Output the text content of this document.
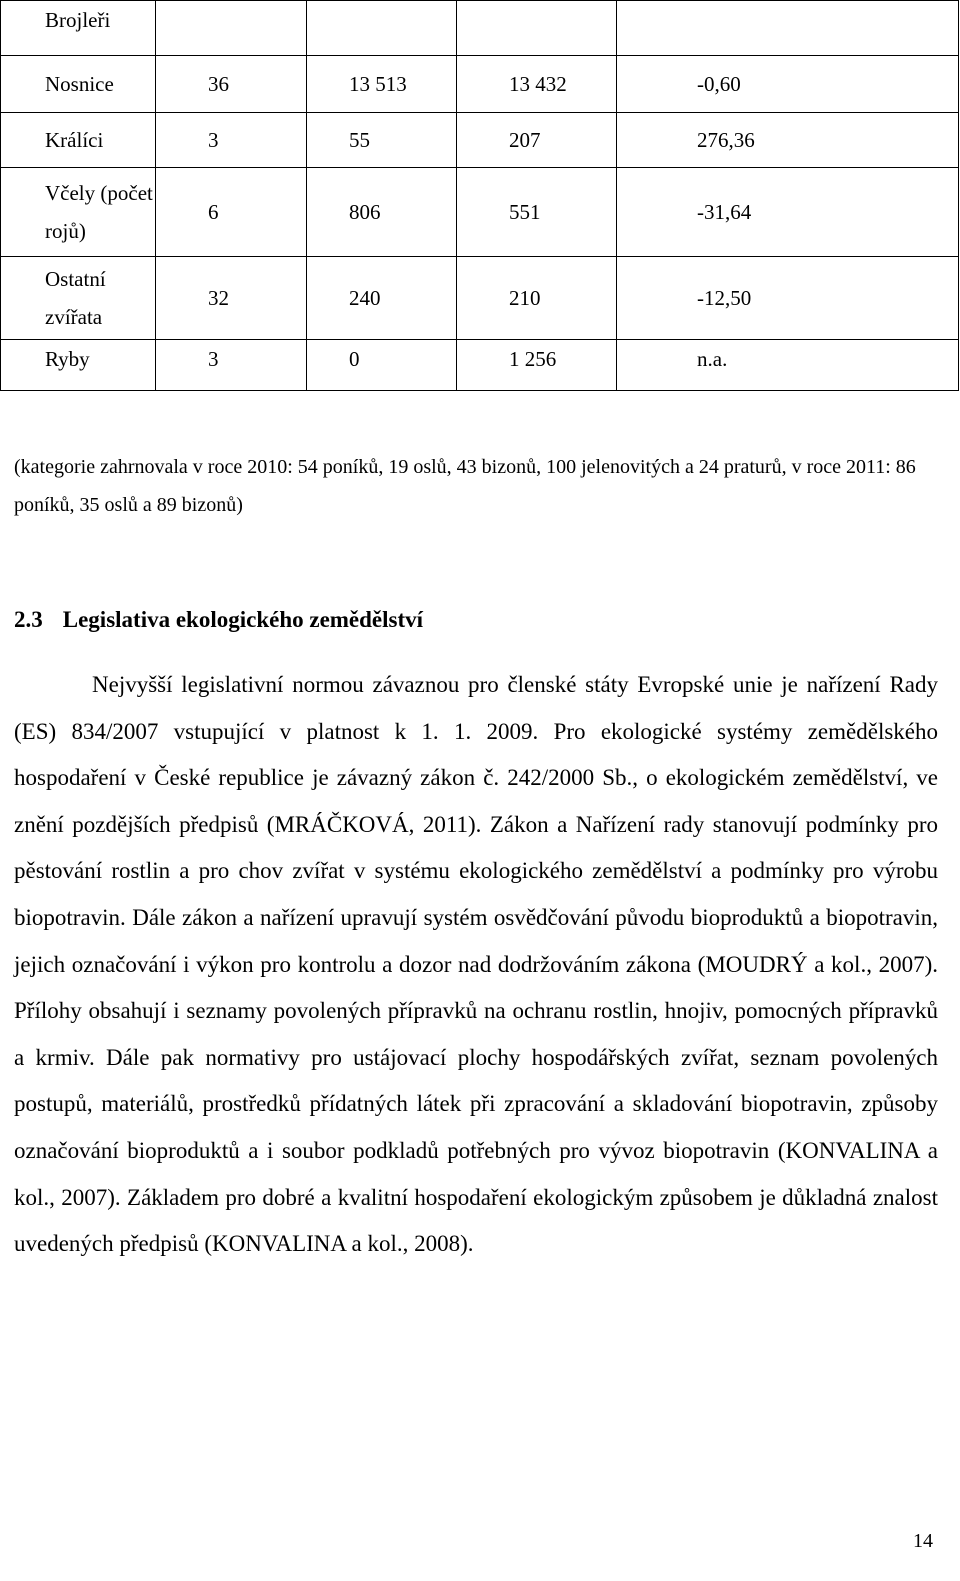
Brojleři				
Nosnice	36	13 513	13 432	-0,60
Králíci	3	55	207	276,36

Včely (počet
rojů)	6	806	551	-31,64

Ostatní
zvířata	32	240	210	-12,50
Ryby	3	0	1 256	n.a.

(kategorie zahrnovala v roce 2010: 54 poníků, 19 oslů, 43 bizonů, 100 jelenovitých a 24 praturů, v roce 2011: 86 poníků, 35 oslů a 89 bizonů)

2.3 Legislativa ekologického zemědělství

Nejvyšší legislativní normou závaznou pro členské státy Evropské unie je nařízení Rady (ES) 834/2007 vstupující v platnost k 1. 1. 2009. Pro ekologické systémy zemědělského hospodaření v České republice je závazný zákon č. 242/2000 Sb., o ekologickém zemědělství, ve znění pozdějších předpisů (MRÁČKOVÁ, 2011). Zákon a Nařízení rady stanovují podmínky pro pěstování rostlin a pro chov zvířat v systému ekologického zemědělství a podmínky pro výrobu biopotravin. Dále zákon a nařízení upravují systém osvědčování původu bioproduktů a biopotravin, jejich označování i výkon pro kontrolu a dozor nad dodržováním zákona (MOUDRÝ a kol., 2007). Přílohy obsahují i seznamy povolených přípravků na ochranu rostlin, hnojiv, pomocných přípravků a krmiv. Dále pak normativy pro ustájovací plochy hospodářských zvířat, seznam povolených postupů, materiálů, prostředků přídatných látek při zpracování a skladování biopotravin, způsoby označování bioproduktů a i soubor podkladů potřebných pro vývoz biopotravin (KONVALINA a kol., 2007). Základem pro dobré a kvalitní hospodaření ekologickým způsobem je důkladná znalost uvedených předpisů (KONVALINA a kol., 2008).

14
